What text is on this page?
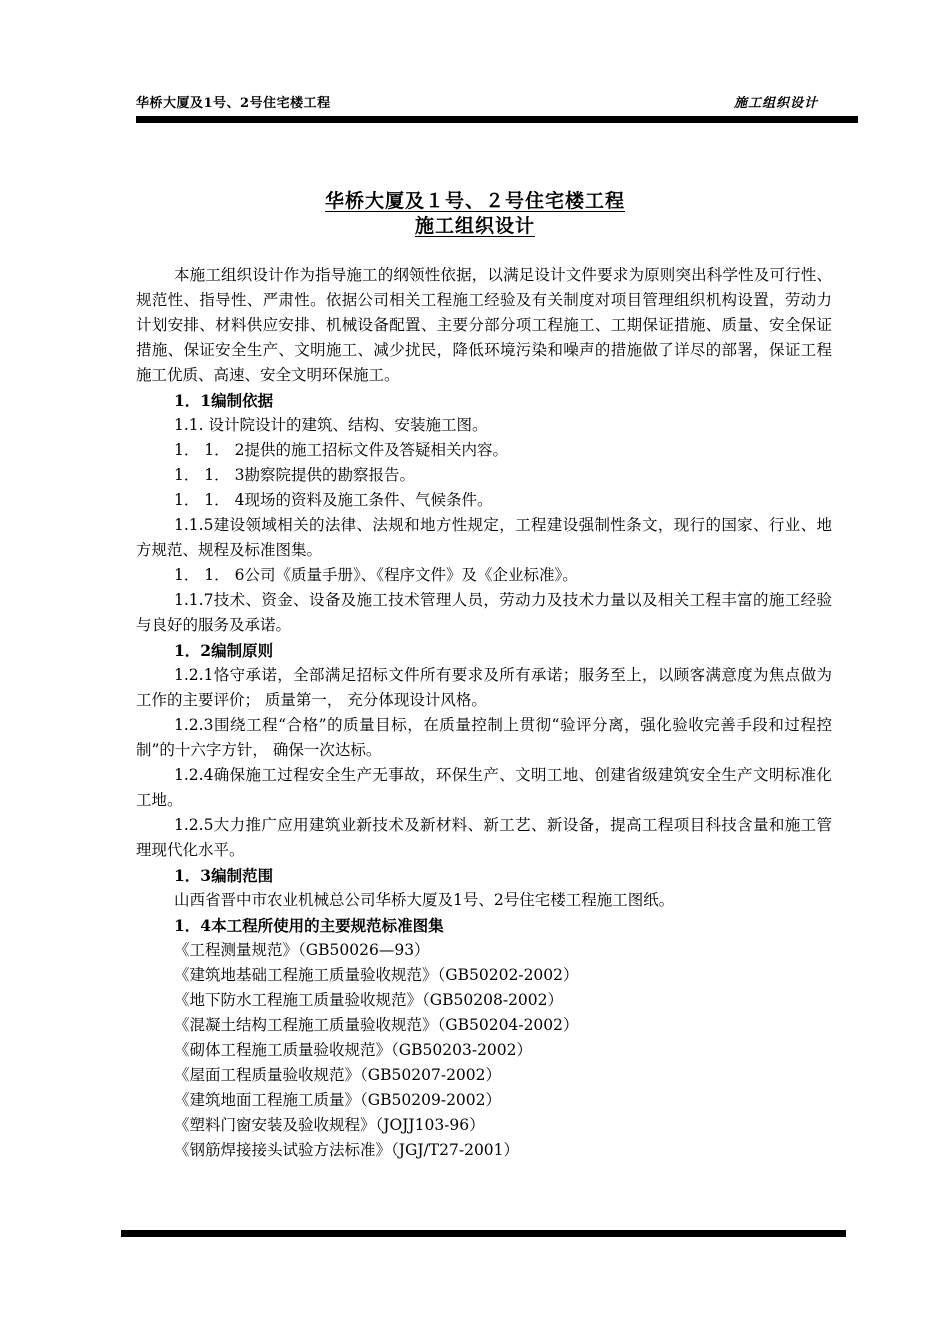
华桥大厦及1号、2号住宅楼工程	施工组织设计
华桥大厦及１号、２号住宅楼工程
施工组织设计

本施工组织设计作为指导施工的纲领性依据，以满足设计文件要求为原则突出科学性及可行性、规范性、指导性、严肃性。依据公司相关工程施工经验及有关制度对项目管理组织机构设置，劳动力计划安排、材料供应安排、机械设备配置、主要分部分项工程施工、工期保证措施、质量、安全保证措施、保证安全生产、文明施工、减少扰民，降低环境污染和噪声的措施做了详尽的部署，保证工程施工优质、高速、安全文明环保施工。

1．1编制依据

1.1. 设计院设计的建筑、结构、安装施工图。

1． 1． 2提供的施工招标文件及答疑相关内容。

1． 1． 3勘察院提供的勘察报告。

1． 1． 4现场的资料及施工条件、气候条件。

1.1.5建设领域相关的法律、法规和地方性规定，工程建设强制性条文，现行的国家、行业、地方规范、规程及标准图集。

1． 1． 6公司《质量手册》、《程序文件》及《企业标准》。

1.1.7技术、资金、设备及施工技术管理人员，劳动力及技术力量以及相关工程丰富的施工经验与良好的服务及承诺。

1．2编制原则

1.2.1恪守承诺，全部满足招标文件所有要求及所有承诺；服务至上，以顾客满意度为焦点做为工作的主要评价； 质量第一， 充分体现设计风格。

1.2.3围绕工程“合格”的质量目标，在质量控制上贯彻“验评分离，强化验收完善手段和过程控制”的十六字方针， 确保一次达标。

1.2.4确保施工过程安全生产无事故，环保生产、文明工地、创建省级建筑安全生产文明标准化工地。

1.2.5大力推广应用建筑业新技术及新材料、新工艺、新设备，提高工程项目科技含量和施工管理现代化水平。

1．3编制范围

山西省晋中市农业机械总公司华桥大厦及1号、2号住宅楼工程施工图纸。

1．4本工程所使用的主要规范标准图集

《工程测量规范》（GB50026—93）

《建筑地基础工程施工质量验收规范》（GB50202-2002）

《地下防水工程施工质量验收规范》（GB50208-2002）

《混凝土结构工程施工质量验收规范》（GB50204-2002）

《砌体工程施工质量验收规范》（GB50203-2002）

《屋面工程质量验收规范》（GB50207-2002）

《建筑地面工程施工质量》（GB50209-2002）

《塑料门窗安装及验收规程》（JOJJ103-96）

《钢筋焊接接头试验方法标准》（JGJ/T27-2001）
